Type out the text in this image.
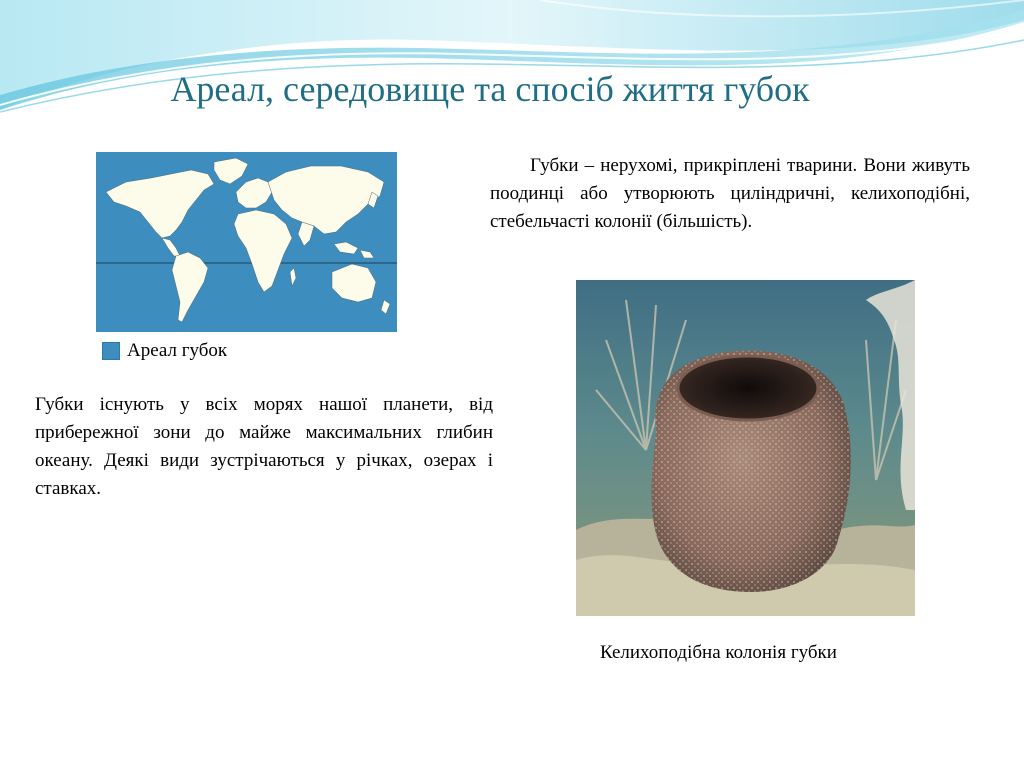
Ареал, середовище та спосіб життя губок
Ареал губок
Губки існують у всіх морях нашої планети, від прибережної зони до майже максимальних глибин океану. Деякі види зустрічаються у річках, озерах і ставках.
Губки – нерухомі, прикріплені тварини. Вони живуть поодинці або утворюють циліндричні, келихоподібні, стебельчасті колонії (більшість).
Келихоподібна колонія губки
